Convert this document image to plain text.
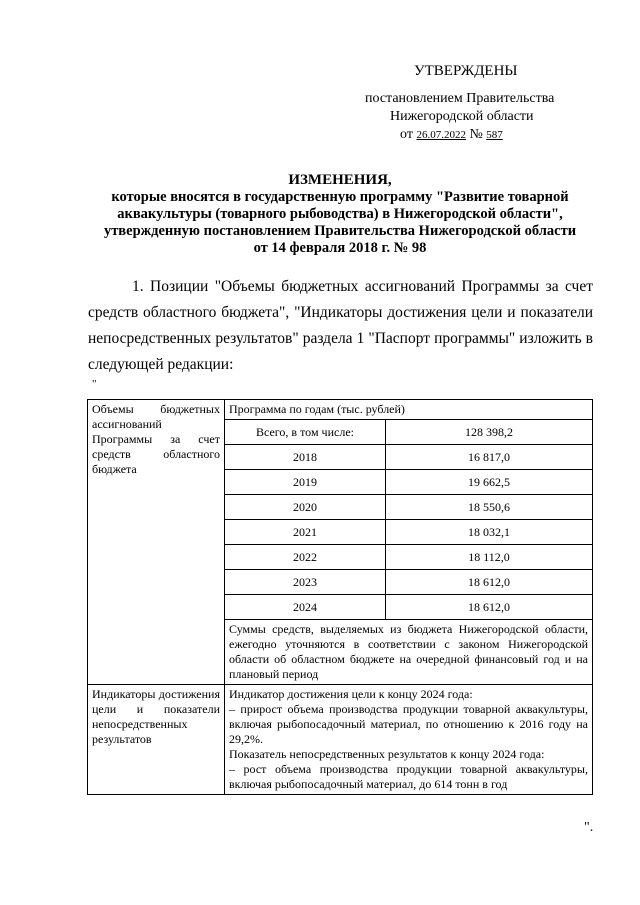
УТВЕРЖДЕНЫ
постановлением Правительства
Нижегородской области
от 26.07.2022 № 587
ИЗМЕНЕНИЯ,
которые вносятся в государственную программу "Развитие товарной
аквакультуры (товарного рыбоводства) в Нижегородской области",
утвержденную постановлением Правительства Нижегородской области
от 14 февраля 2018 г. № 98
1. Позиции "Объемы бюджетных ассигнований Программы за счет средств областного бюджета", "Индикаторы достижения цели и показатели непосредственных результатов" раздела 1 "Паспорт программы" изложить в следующей редакции:
"
Объемы бюджетных ассигнований Программы за счет средств областного бюджета	Программа по годам (тыс. рублей)	
	Всего, в том числе:	128 398,2
	2018	16 817,0
	2019	19 662,5
	2020	18 550,6
	2021	18 032,1
	2022	18 112,0
	2023	18 612,0
	2024	18 612,0
	Суммы средств, выделяемых из бюджета Нижегородской области, ежегодно уточняются в соответствии с законом Нижегородской области об областном бюджете на очередной финансовый год и на плановый период	
Индикаторы достижения цели и показатели непосредственных результатов	Индикатор достижения цели к концу 2024 года:
– прирост объема производства продукции товарной аквакультуры, включая рыбопосадочный материал, по отношению к 2016 году на 29,2%.
Показатель непосредственных результатов к концу 2024 года:
– рост объема производства продукции товарной аквакультуры, включая рыбопосадочный материал, до 614 тонн в год	
".
